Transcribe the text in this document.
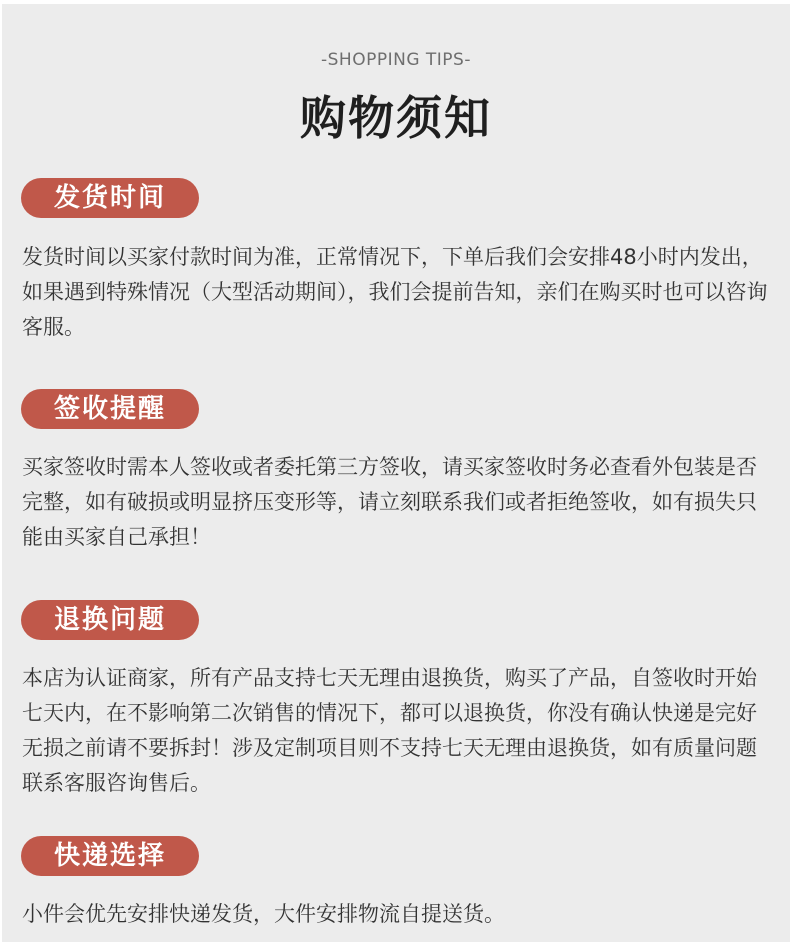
-SHOPPING TIPS-
购物须知
发货时间
发货时间以买家付款时间为准，正常情况下，下单后我们会安排48小时内发出，如果遇到特殊情况（大型活动期间），我们会提前告知，亲们在购买时也可以咨询客服。
签收提醒
买家签收时需本人签收或者委托第三方签收，请买家签收时务必查看外包装是否完整，如有破损或明显挤压变形等，请立刻联系我们或者拒绝签收，如有损失只能由买家自己承担！
退换问题
本店为认证商家，所有产品支持七天无理由退换货，购买了产品，自签收时开始七天内，在不影响第二次销售的情况下，都可以退换货，你没有确认快递是完好无损之前请不要拆封！涉及定制项目则不支持七天无理由退换货，如有质量问题联系客服咨询售后。
快递选择
小件会优先安排快递发货，大件安排物流自提送货。
